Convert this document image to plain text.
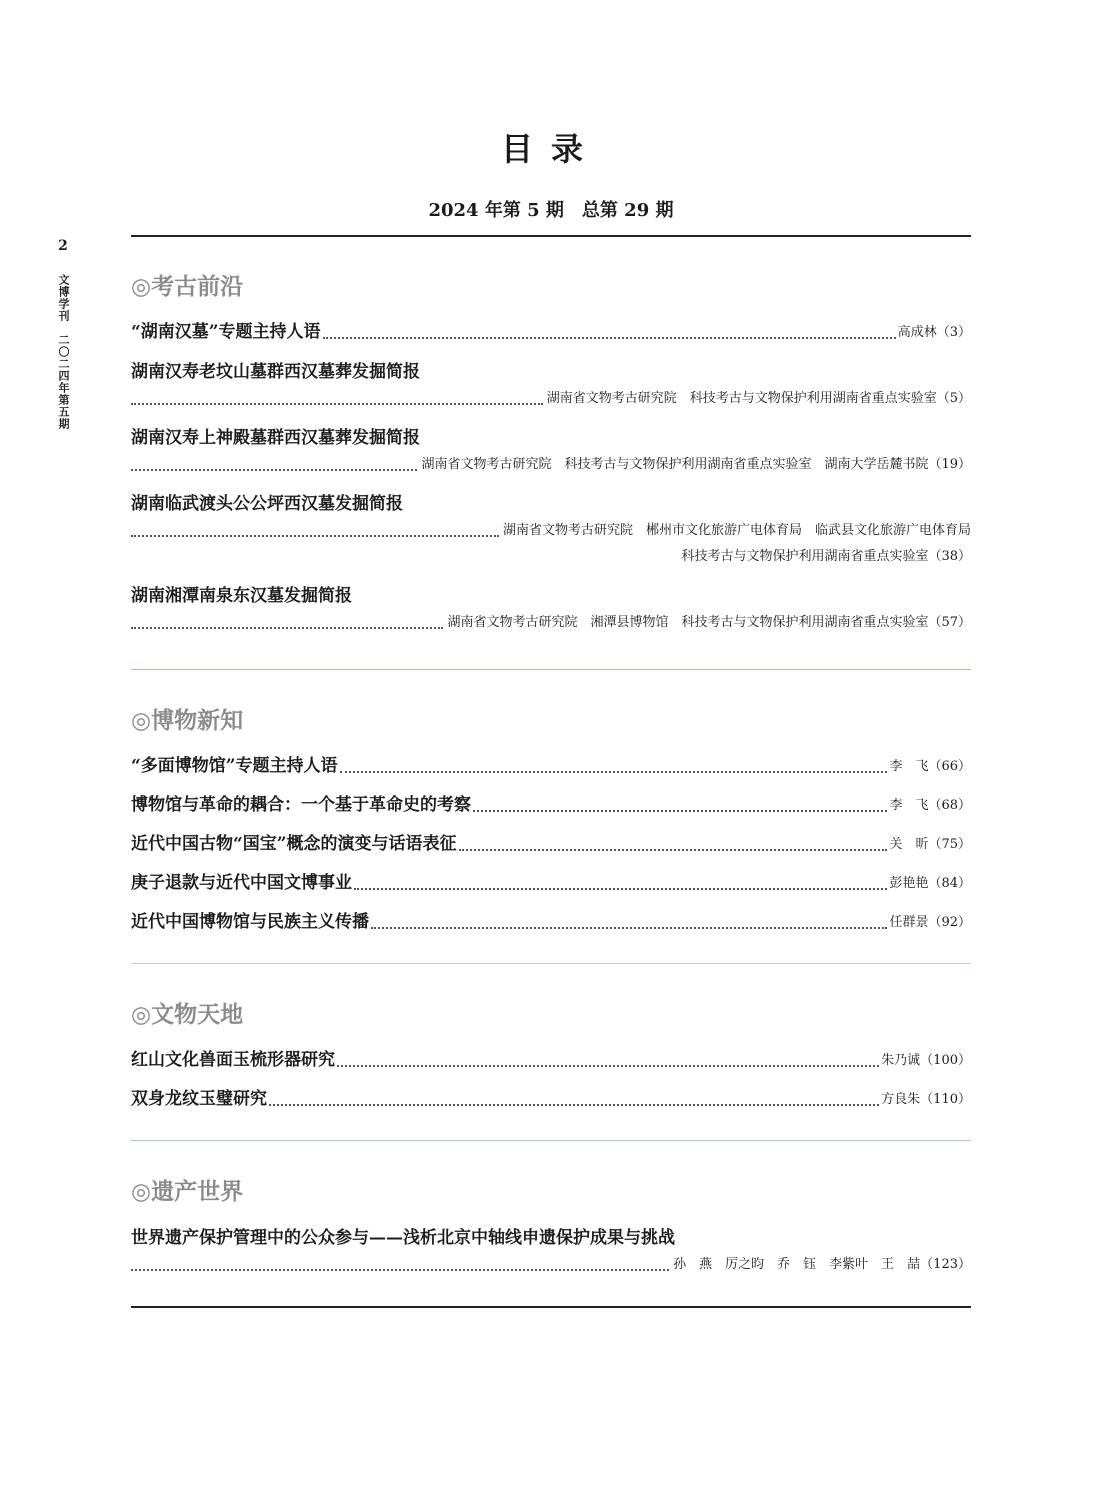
2
文博学刊　二〇二四年第五期
目录
2024 年第 5 期　总第 29 期
◎考古前沿
“湖南汉墓”专题主持人语	高成林（3）
湖南汉寿老坟山墓群西汉墓葬发掘简报
湖南省文物考古研究院　科技考古与文物保护利用湖南省重点实验室（5）
湖南汉寿上神殿墓群西汉墓葬发掘简报
湖南省文物考古研究院　科技考古与文物保护利用湖南省重点实验室　湖南大学岳麓书院（19）
湖南临武渡头公公坪西汉墓发掘简报
湖南省文物考古研究院　郴州市文化旅游广电体育局　临武县文化旅游广电体育局
科技考古与文物保护利用湖南省重点实验室（38）
湖南湘潭南泉东汉墓发掘简报
湖南省文物考古研究院　湘潭县博物馆　科技考古与文物保护利用湖南省重点实验室（57）
◎博物新知
“多面博物馆”专题主持人语	李　飞（66）
博物馆与革命的耦合：一个基于革命史的考察	李　飞（68）
近代中国古物“国宝”概念的演变与话语表征	关　昕（75）
庚子退款与近代中国文博事业	彭艳艳（84）
近代中国博物馆与民族主义传播	任群景（92）
◎文物天地
红山文化兽面玉梳形器研究	朱乃诚（100）
双身龙纹玉璧研究	方良朱（110）
◎遗产世界
世界遗产保护管理中的公众参与——浅析北京中轴线申遗保护成果与挑战
孙　燕　厉之昀　乔　钰　李紫叶　王　喆（123）
